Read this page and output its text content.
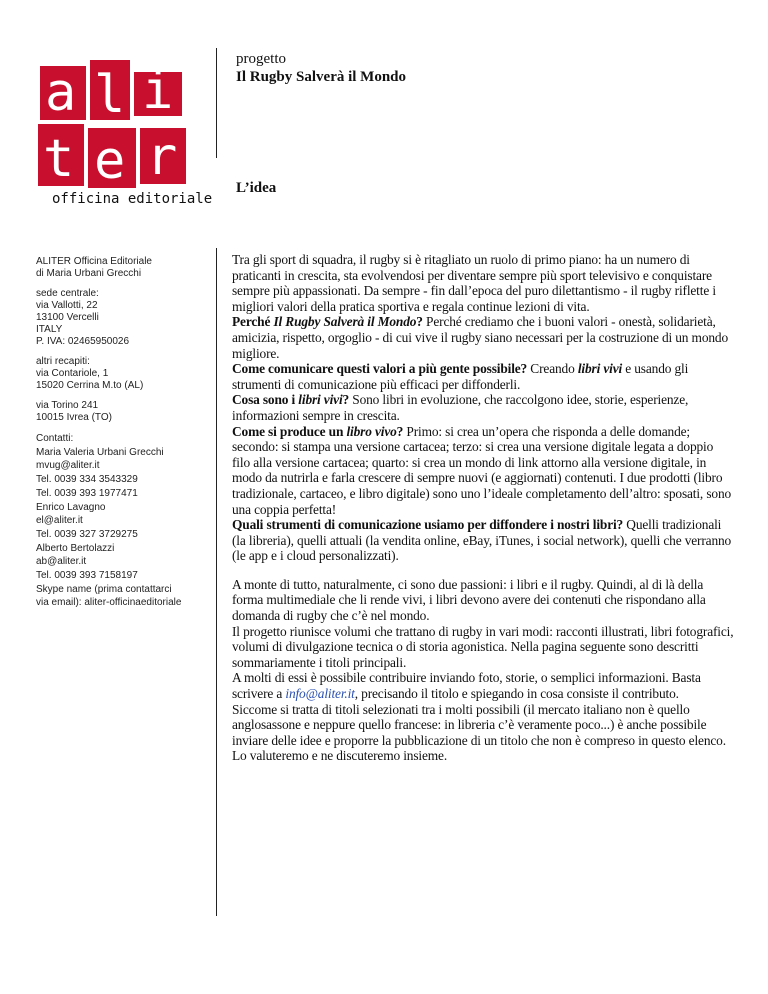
a l i
t e r
officina editoriale
progetto
Il Rugby Salverà il Mondo
L’idea
ALITER Officina Editoriale
di Maria Urbani Grecchi
sede centrale:
via Vallotti, 22
13100 Vercelli
ITALY
P. IVA: 02465950026
altri recapiti:
via Contariole, 1
15020 Cerrina M.to (AL)
via Torino 241
10015 Ivrea (TO)
Contatti:
Maria Valeria Urbani Grecchi
mvug@aliter.it
Tel. 0039 334 3543329
Tel. 0039 393 1977471
Enrico Lavagno
el@aliter.it
Tel. 0039 327 3729275
Alberto Bertolazzi
ab@aliter.it
Tel. 0039 393 7158197
Skype name (prima contattarci
via email): aliter-officinaeditoriale

Tra gli sport di squadra, il rugby si è ritagliato un ruolo di primo piano: ha un numero di praticanti in crescita, sta evolvendosi per diventare sempre più sport televisivo e conquistare sempre più appassionati. Da sempre - fin dall’epoca del puro dilettantismo - il rugby riflette i migliori valori della pratica sportiva e regala continue lezioni di vita.

Perché Il Rugby Salverà il Mondo? Perché crediamo che i buoni valori - onestà, solidarietà, amicizia, rispetto, orgoglio - di cui vive il rugby siano necessari per la costruzione di un mondo migliore.

Come comunicare questi valori a più gente possibile? Creando libri vivi e usando gli strumenti di comunicazione più efficaci per diffonderli.

Cosa sono i libri vivi? Sono libri in evoluzione, che raccolgono idee, storie, esperienze, informazioni sempre in crescita.

Come si produce un libro vivo? Primo: si crea un’opera che risponda a delle domande; secondo: si stampa una versione cartacea; terzo: si crea una versione digitale legata a doppio filo alla versione cartacea; quarto: si crea un mondo di link attorno alla versione digitale, in modo da nutrirla e farla crescere di sempre nuovi (e aggiornati) contenuti. I due prodotti (libro tradizionale, cartaceo, e libro digitale) sono uno l’ideale completamento dell’altro: sposati, sono una coppia perfetta!

Quali strumenti di comunicazione usiamo per diffondere i nostri libri? Quelli tradizionali (la libreria), quelli attuali (la vendita online, eBay, iTunes, i social network), quelli che verranno (le app e i cloud personalizzati).

A monte di tutto, naturalmente, ci sono due passioni: i libri e il rugby. Quindi, al di là della forma multimediale che li rende vivi, i libri devono avere dei contenuti che rispondano alla domanda di rugby che c’è nel mondo.

Il progetto riunisce volumi che trattano di rugby in vari modi: racconti illustrati, libri fotografici, volumi di divulgazione tecnica o di storia agonistica. Nella pagina seguente sono descritti sommariamente i titoli principali.

A molti di essi è possibile contribuire inviando foto, storie, o semplici informazioni. Basta scrivere a info@aliter.it, precisando il titolo e spiegando in cosa consiste il contributo.

Siccome si tratta di titoli selezionati tra i molti possibili (il mercato italiano non è quello anglosassone e neppure quello francese: in libreria c’è veramente poco...) è anche possibile inviare delle idee e proporre la pubblicazione di un titolo che non è compreso in questo elenco. Lo valuteremo e ne discuteremo insieme.
